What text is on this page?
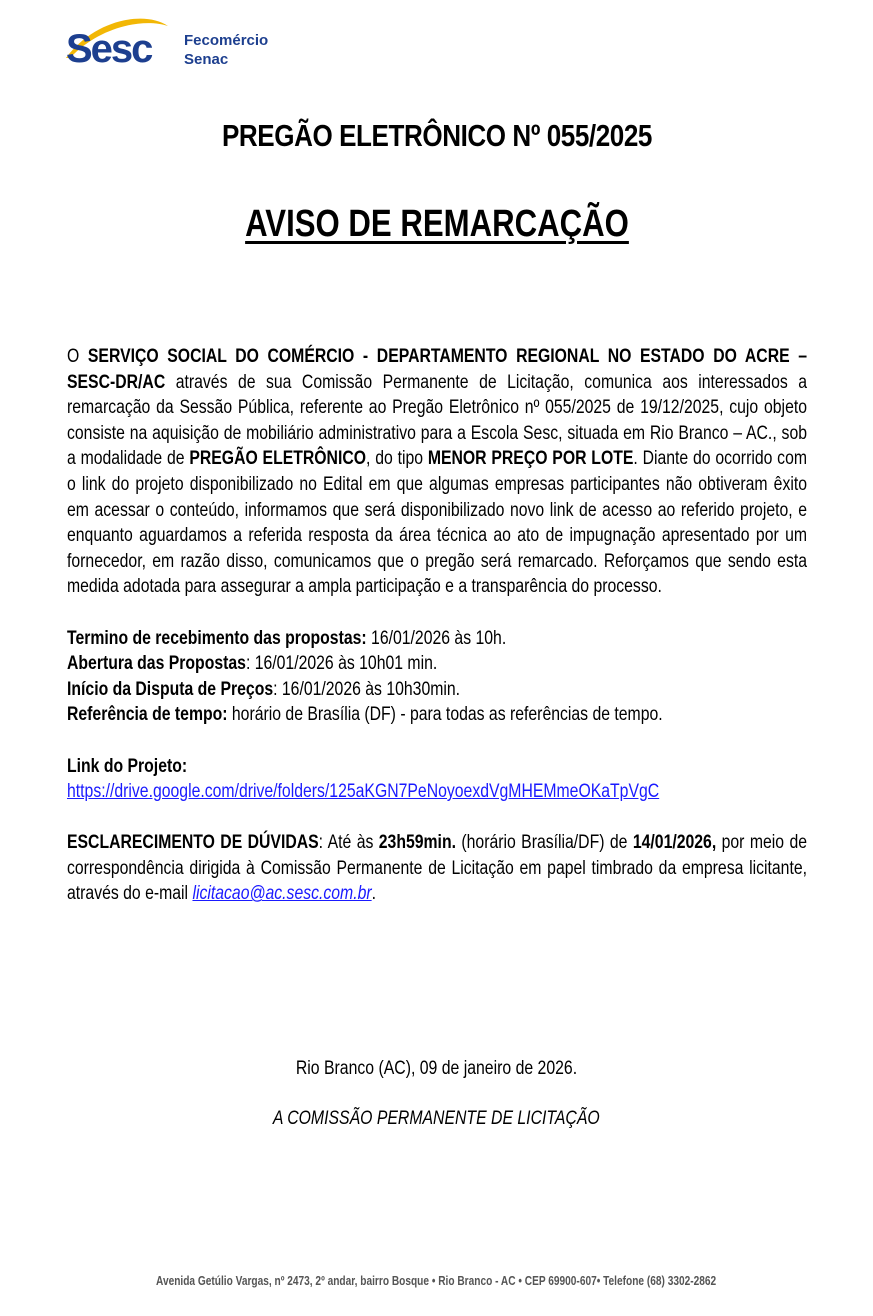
Sesc Fecomércio
Senac
PREGÃO ELETRÔNICO Nº 055/2025
AVISO DE REMARCAÇÃO
O SERVIÇO SOCIAL DO COMÉRCIO - DEPARTAMENTO REGIONAL NO ESTADO DO ACRE – SESC-DR/AC através de sua Comissão Permanente de Licitação, comunica aos interessados a remarcação da Sessão Pública, referente ao Pregão Eletrônico nº 055/2025 de 19/12/2025, cujo objeto consiste na aquisição de mobiliário administrativo para a Escola Sesc, situada em Rio Branco – AC., sob a modalidade de PREGÃO ELETRÔNICO, do tipo MENOR PREÇO POR LOTE. Diante do ocorrido com o link do projeto disponibilizado no Edital em que algumas empresas participantes não obtiveram êxito em acessar o conteúdo, informamos que será disponibilizado novo link de acesso ao referido projeto, e enquanto aguardamos a referida resposta da área técnica ao ato de impugnação apresentado por um fornecedor, em razão disso, comunicamos que o pregão será remarcado. Reforçamos que sendo esta medida adotada para assegurar a ampla participação e a transparência do processo.
Termino de recebimento das propostas: 16/01/2026 às 10h.
Abertura das Propostas: 16/01/2026 às 10h01 min.
Início da Disputa de Preços: 16/01/2026 às 10h30min.
Referência de tempo: horário de Brasília (DF) - para todas as referências de tempo.
Link do Projeto:
https://drive.google.com/drive/folders/125aKGN7PeNoyoexdVgMHEMmeOKaTpVgC
ESCLARECIMENTO DE DÚVIDAS: Até às 23h59min. (horário Brasília/DF) de 14/01/2026, por meio de correspondência dirigida à Comissão Permanente de Licitação em papel timbrado da empresa licitante, através do e-mail licitacao@ac.sesc.com.br.
Rio Branco (AC), 09 de janeiro de 2026.
A COMISSÃO PERMANENTE DE LICITAÇÃO
Avenida Getúlio Vargas, nº 2473, 2º andar, bairro Bosque • Rio Branco - AC • CEP 69900-607• Telefone (68) 3302-2862
